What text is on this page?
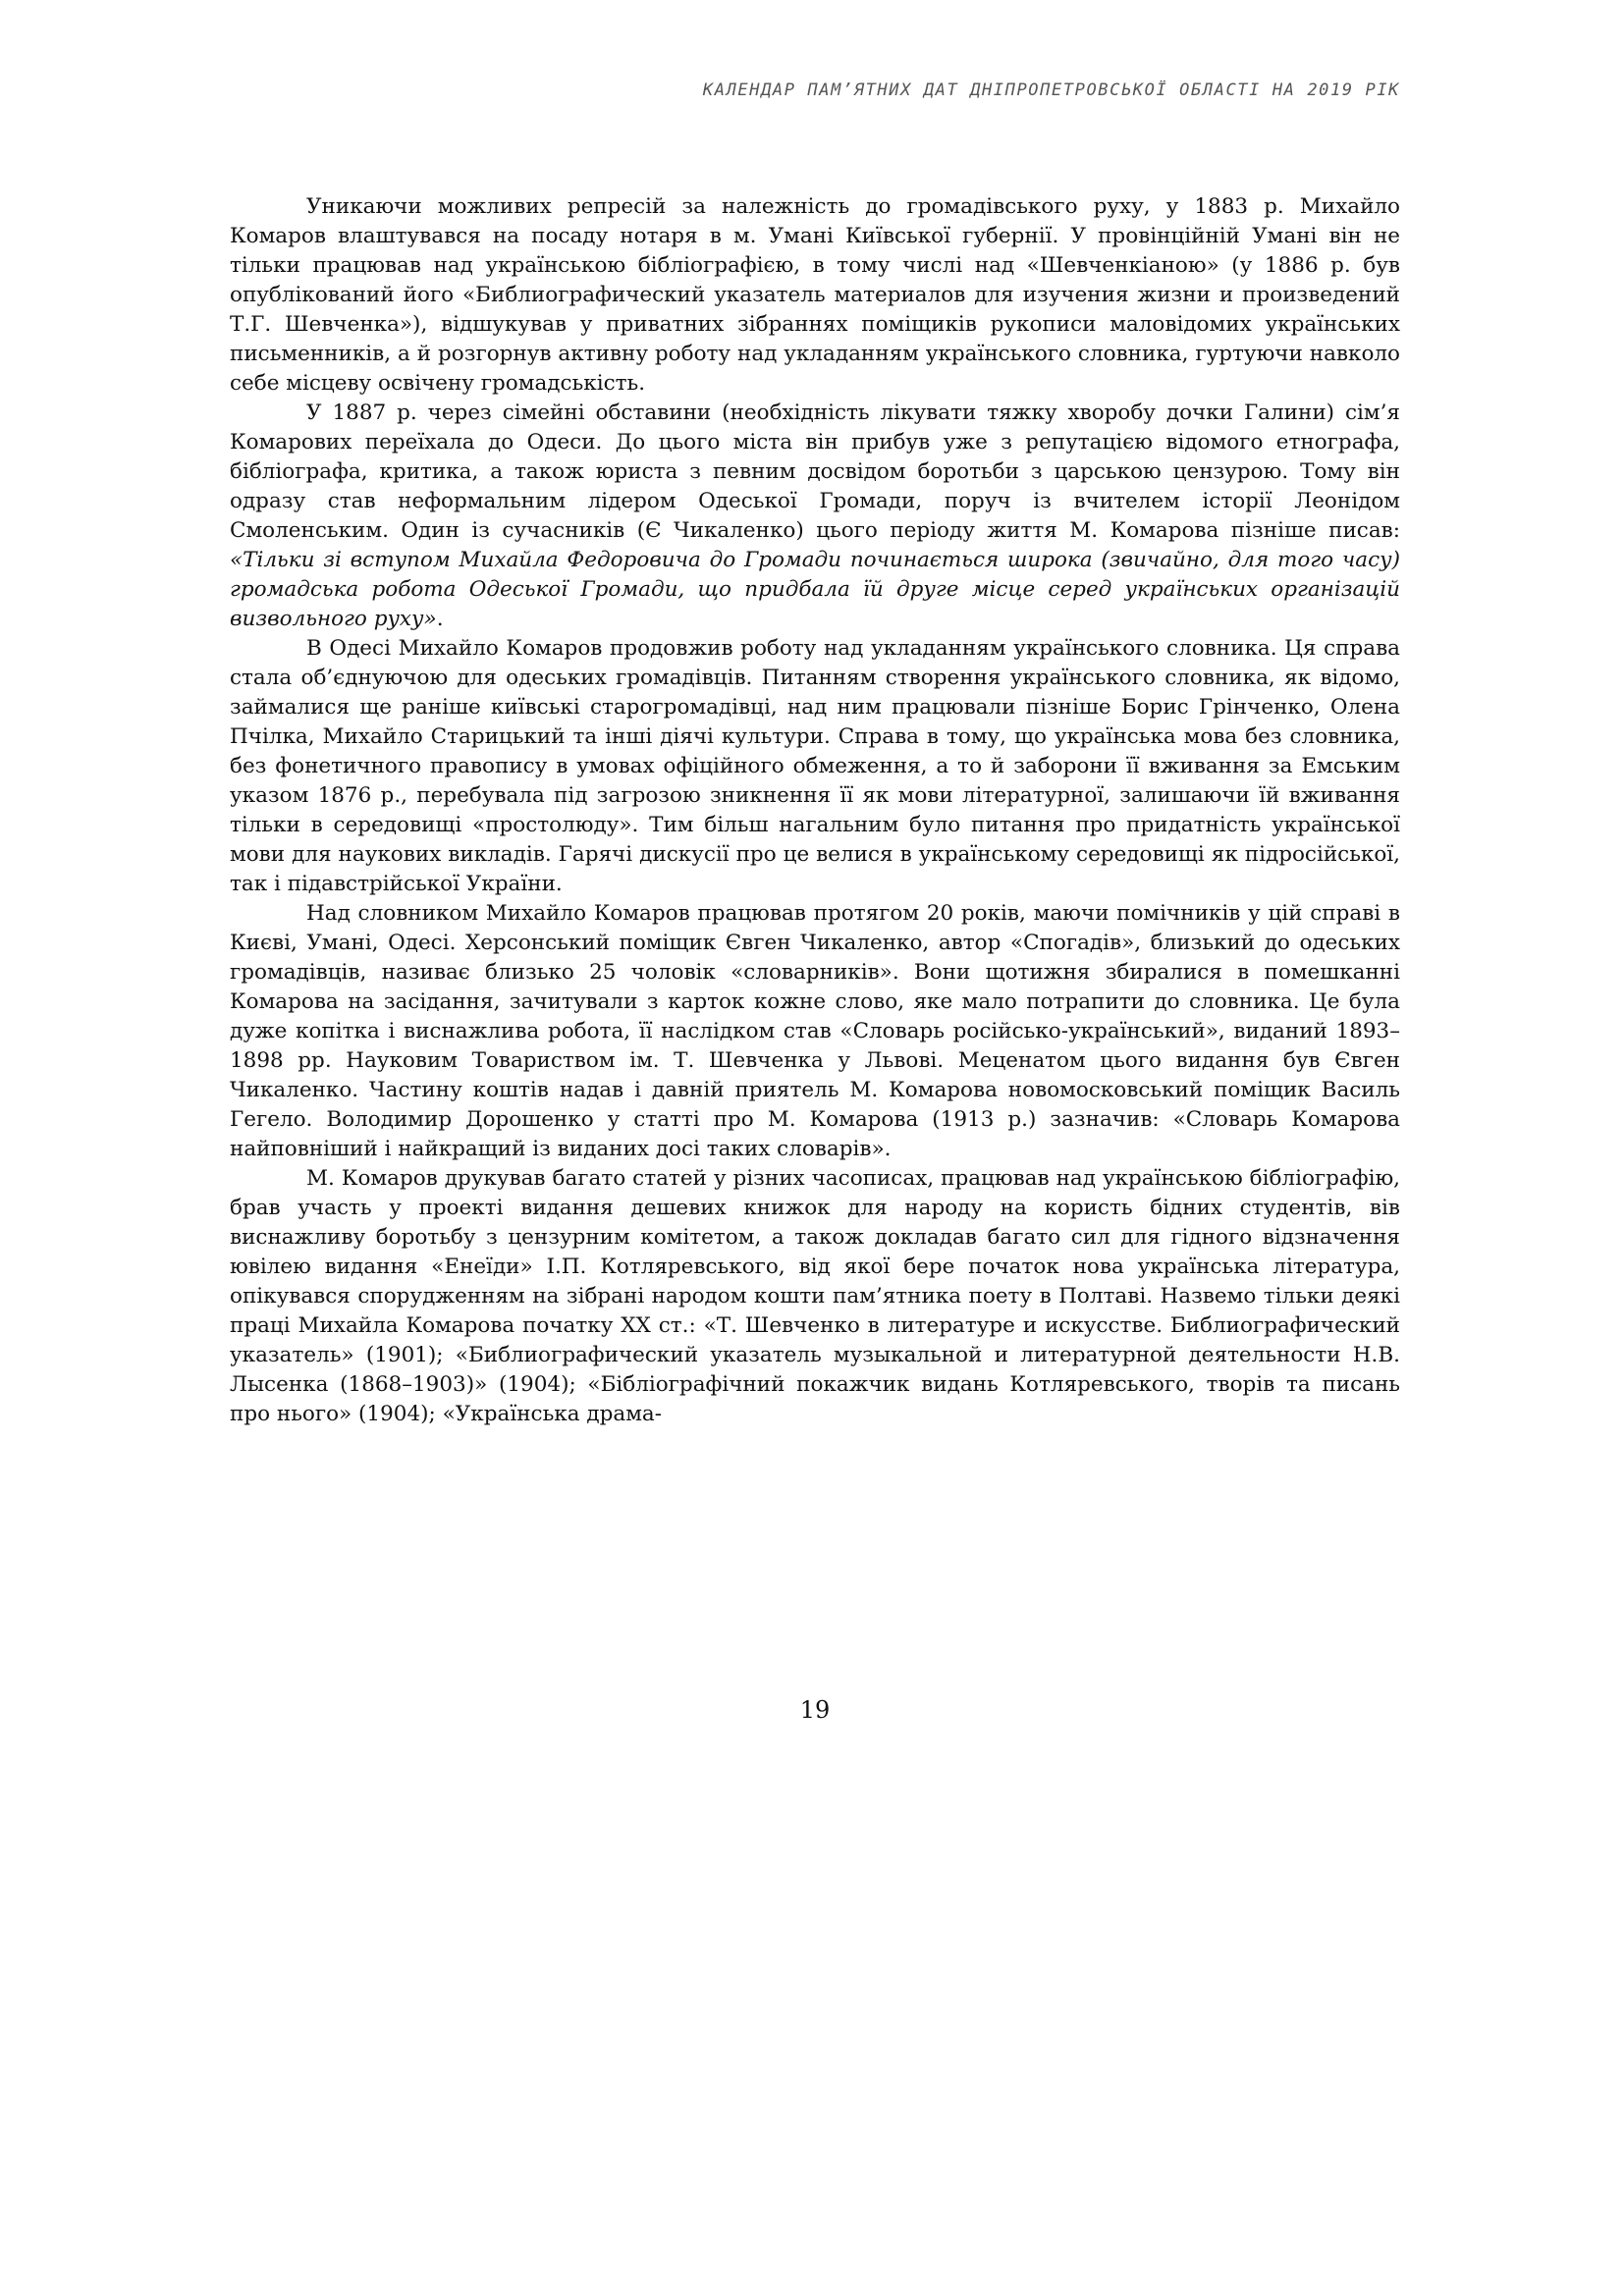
КАЛЕНДАР ПАМ’ЯТНИХ ДАТ ДНІПРОПЕТРОВСЬКОЇ ОБЛАСТІ НА 2019 РІК

Уникаючи можливих репресій за належність до громадівського руху, у 1883 р. Михайло Комаров влаштувався на посаду нотаря в м. Умані Київської губернії. У провінційній Умані він не тільки працював над українською бібліографією, в тому числі над «Шевченкіаною» (у 1886 р. був опублікований його «Библиографический указатель материалов для изучения жизни и произведений Т.Г. Шевченка»), відшукував у приватних зібраннях поміщиків рукописи маловідомих українських письменників, а й розгорнув активну роботу над укладанням українського словника, гуртуючи навколо себе місцеву освічену громадськість.

У 1887 р. через сімейні обставини (необхідність лікувати тяжку хворобу дочки Галини) сім’я Комарових переїхала до Одеси. До цього міста він прибув уже з репутацією відомого етнографа, бібліографа, критика, а також юриста з певним досвідом боротьби з царською цензурою. Тому він одразу став неформальним лідером Одеської Громади, поруч із вчителем історії Леонідом Смоленським. Один із сучасників (Є Чикаленко) цього періоду життя М. Комарова пізніше писав: «Тільки зі вступом Михайла Федоровича до Громади починається широка (звичайно, для того часу) громадська робота Одеської Громади, що придбала їй друге місце серед українських організацій визвольного руху».

В Одесі Михайло Комаров продовжив роботу над укладанням українського словника. Ця справа стала об’єднуючою для одеських громадівців. Питанням створення українського словника, як відомо, займалися ще раніше київські старогромадівці, над ним працювали пізніше Борис Грінченко, Олена Пчілка, Михайло Старицький та інші діячі культури. Справа в тому, що українська мова без словника, без фонетичного правопису в умовах офіційного обмеження, а то й заборони її вживання за Емським указом 1876 р., перебувала під загрозою зникнення її як мови літературної, залишаючи їй вживання тільки в середовищі «простолюду». Тим більш нагальним було питання про придатність української мови для наукових викладів. Гарячі дискусії про це велися в українському середовищі як підросійської, так і підавстрійської України.

Над словником Михайло Комаров працював протягом 20 років, маючи помічників у цій справі в Києві, Умані, Одесі. Херсонський поміщик Євген Чикаленко, автор «Спогадів», близький до одеських громадівців, називає близько 25 чоловік «словарників». Вони щотижня збиралися в помешканні Комарова на засідання, зачитували з карток кожне слово, яке мало потрапити до словника. Це була дуже копітка і виснажлива робота, її наслідком став «Словарь російсько-український», виданий 1893–1898 рр. Науковим Товариством ім. Т. Шевченка у Львові. Меценатом цього видання був Євген Чикаленко. Частину коштів надав і давній приятель М. Комарова новомосковський поміщик Василь Гегело. Володимир Дорошенко у статті про М. Комарова (1913 р.) зазначив: «Словарь Комарова найповніший і найкращий із виданих досі таких словарів».

М. Комаров друкував багато статей у різних часописах, працював над українською бібліографію, брав участь у проекті видання дешевих книжок для народу на користь бідних студентів, вів виснажливу боротьбу з цензурним комітетом, а також докладав багато сил для гідного відзначення ювілею видання «Енеїди» І.П. Котляревського, від якої бере початок нова українська література, опікувався спорудженням на зібрані народом кошти пам’ятника поету в Полтаві. Назвемо тільки деякі праці Михайла Комарова початку XX ст.: «Т. Шевченко в литературе и искусстве. Библиографический указатель» (1901); «Библиографический указатель музыкальной и литературной деятельности Н.В. Лысенка (1868–1903)» (1904); «Бібліографічний покажчик видань Котляревського, творів та писань про нього» (1904); «Українська драма-

19
